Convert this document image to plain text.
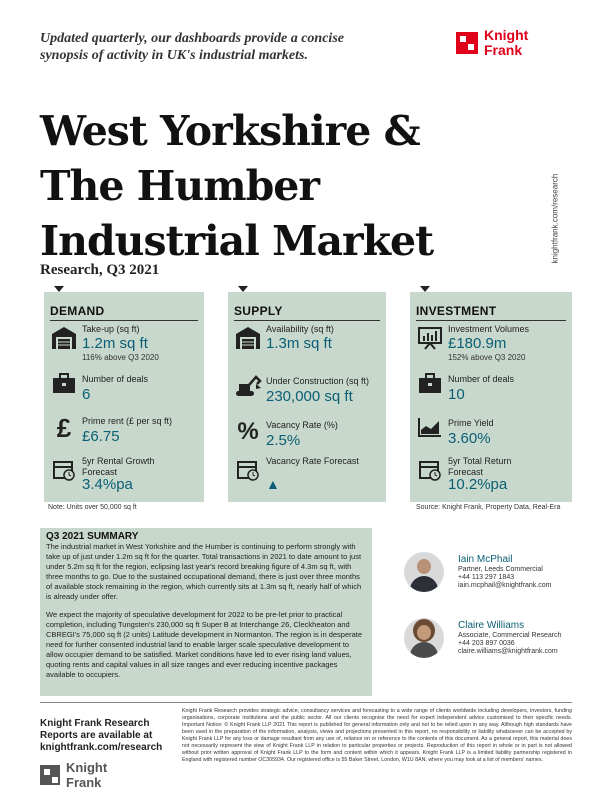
Updated quarterly, our dashboards provide a concise synopsis of activity in UK's industrial markets.
Knight
Frank
West Yorkshire &
The Humber
Industrial Market
Research, Q3 2021
knightfrank.com/research
DEMAND
Take-up (sq ft)
1.2m sq ft
116% above Q3 2020
Number of deals
6
£	Prime rent (£ per sq ft)
£6.75
5yr Rental Growth Forecast
3.4%pa
SUPPLY
Availability (sq ft)
1.3m sq ft
Under Construction (sq ft)
230,000 sq ft
% Vacancy Rate (%)
2.5%
Vacancy Rate Forecast
▲
INVESTMENT
Investment Volumes
£180.9m
152% above Q3 2020
Number of deals
10
Prime Yield
3.60%
5yr Total Return Forecast
10.2%pa
Note: Units over 50,000 sq ft	Source: Knight Frank, Property Data, Real-Era
Q3 2021 SUMMARY

The industrial market in West Yorkshire and the Humber is continuing to perform strongly with take up of just under 1.2m sq ft for the quarter. Total transactions in 2021 to date amount to just under 5.2m sq ft for the region, eclipsing last year's record breaking figure of 4.3m sq ft, with three months to go. Due to the sustained occupational demand, there is just over three months of available stock remaining in the region, which currently sits at 1.3m sq ft, nearly half of which is already under offer.

We expect the majority of speculative development for 2022 to be pre-let prior to practical completion, including Tungsten's 230,000 sq ft Super B at Interchange 26, Cleckheaton and CBREGI's 75,000 sq ft (2 units) Latitude development in Normanton. The region is in desperate need for further consented industrial land to enable larger scale speculative development to allow occupier demand to be satisfied. Market conditions have led to ever rising land values, quoting rents and capital values in all size ranges and ever reducing incentive packages available to occupiers.

Iain McPhail
Partner, Leeds Commercial
+44 113 297 1843
iain.mcphail@knightfrank.com
Claire Williams
Associate, Commercial Research
+44 203 897 0036
claire.williams@knightfrank.com
Knight Frank Research Reports are available at knightfrank.com/research
Knight
Frank
Knight Frank Research provides strategic advice, consultancy services and forecasting to a wide range of clients worldwide including developers, investors, funding organisations, corporate institutions and the public sector. All our clients recognise the need for expert independent advice customised to their specific needs. Important Notice: © Knight Frank LLP 2021 This report is published for general information only and not to be relied upon in any way. Although high standards have been used in the preparation of the information, analysis, views and projections presented in this report, no responsibility or liability whatsoever can be accepted by Knight Frank LLP for any loss or damage resultant from any use of, reliance on or reference to the contents of this document. As a general report, this material does not necessarily represent the view of Knight Frank LLP in relation to particular properties or projects. Reproduction of this report in whole or in part is not allowed without prior written approval of Knight Frank LLP to the form and content within which it appears. Knight Frank LLP is a limited liability partnership registered in England with registered number OC305934. Our registered office is 55 Baker Street, London, W1U 8AN, where you may look at a list of members' names.
